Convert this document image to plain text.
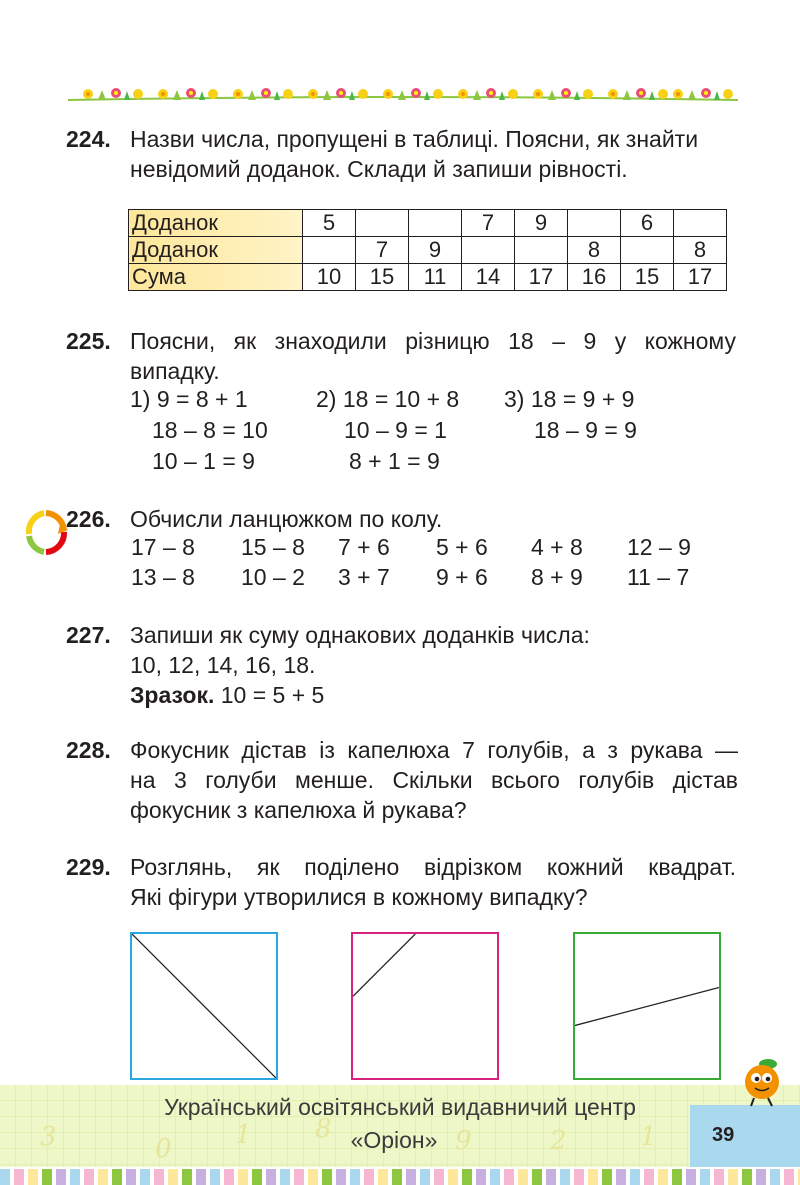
224. Назви числа, пропущені в таблиці. Поясни, як знайти
невідомий доданок. Склади й запиши рівності.
Доданок	5			7	9		6	
Доданок		7	9			8		8
Сума	10	15	11	14	17	16	15	17
225. Поясни, як знаходили різницю 18 – 9 у кожному
випадку.
1) 9 = 8 + 1
18 – 8 = 10
10 – 1 = 9
2) 18 = 10 + 8
10 – 9 = 1
8 + 1 = 9
3) 18 = 9 + 9
18 – 9 = 9
226. Обчисли ланцюжком по колу.
17 – 8	15 – 8	7 + 6	5 + 6	4 + 8	12 – 9
13 – 8	10 – 2	3 + 7	9 + 6	8 + 9	11 – 7
227. Запиши як суму однакових доданків числа:
10, 12, 14, 16, 18.
Зразок. 10 = 5 + 5
228. Фокусник дістав із капелюха 7 голубів, а з рукава —
на 3 голуби менше. Скільки всього голубів дістав
фокусник з капелюха й рукава?
229. Розглянь, як поділено відрізком кожний квадрат.
Які фігури утворилися в кожному випадку?
3	0 1 8	9	2	1
Український освітянський видавничий центр
«Оріон»	39
